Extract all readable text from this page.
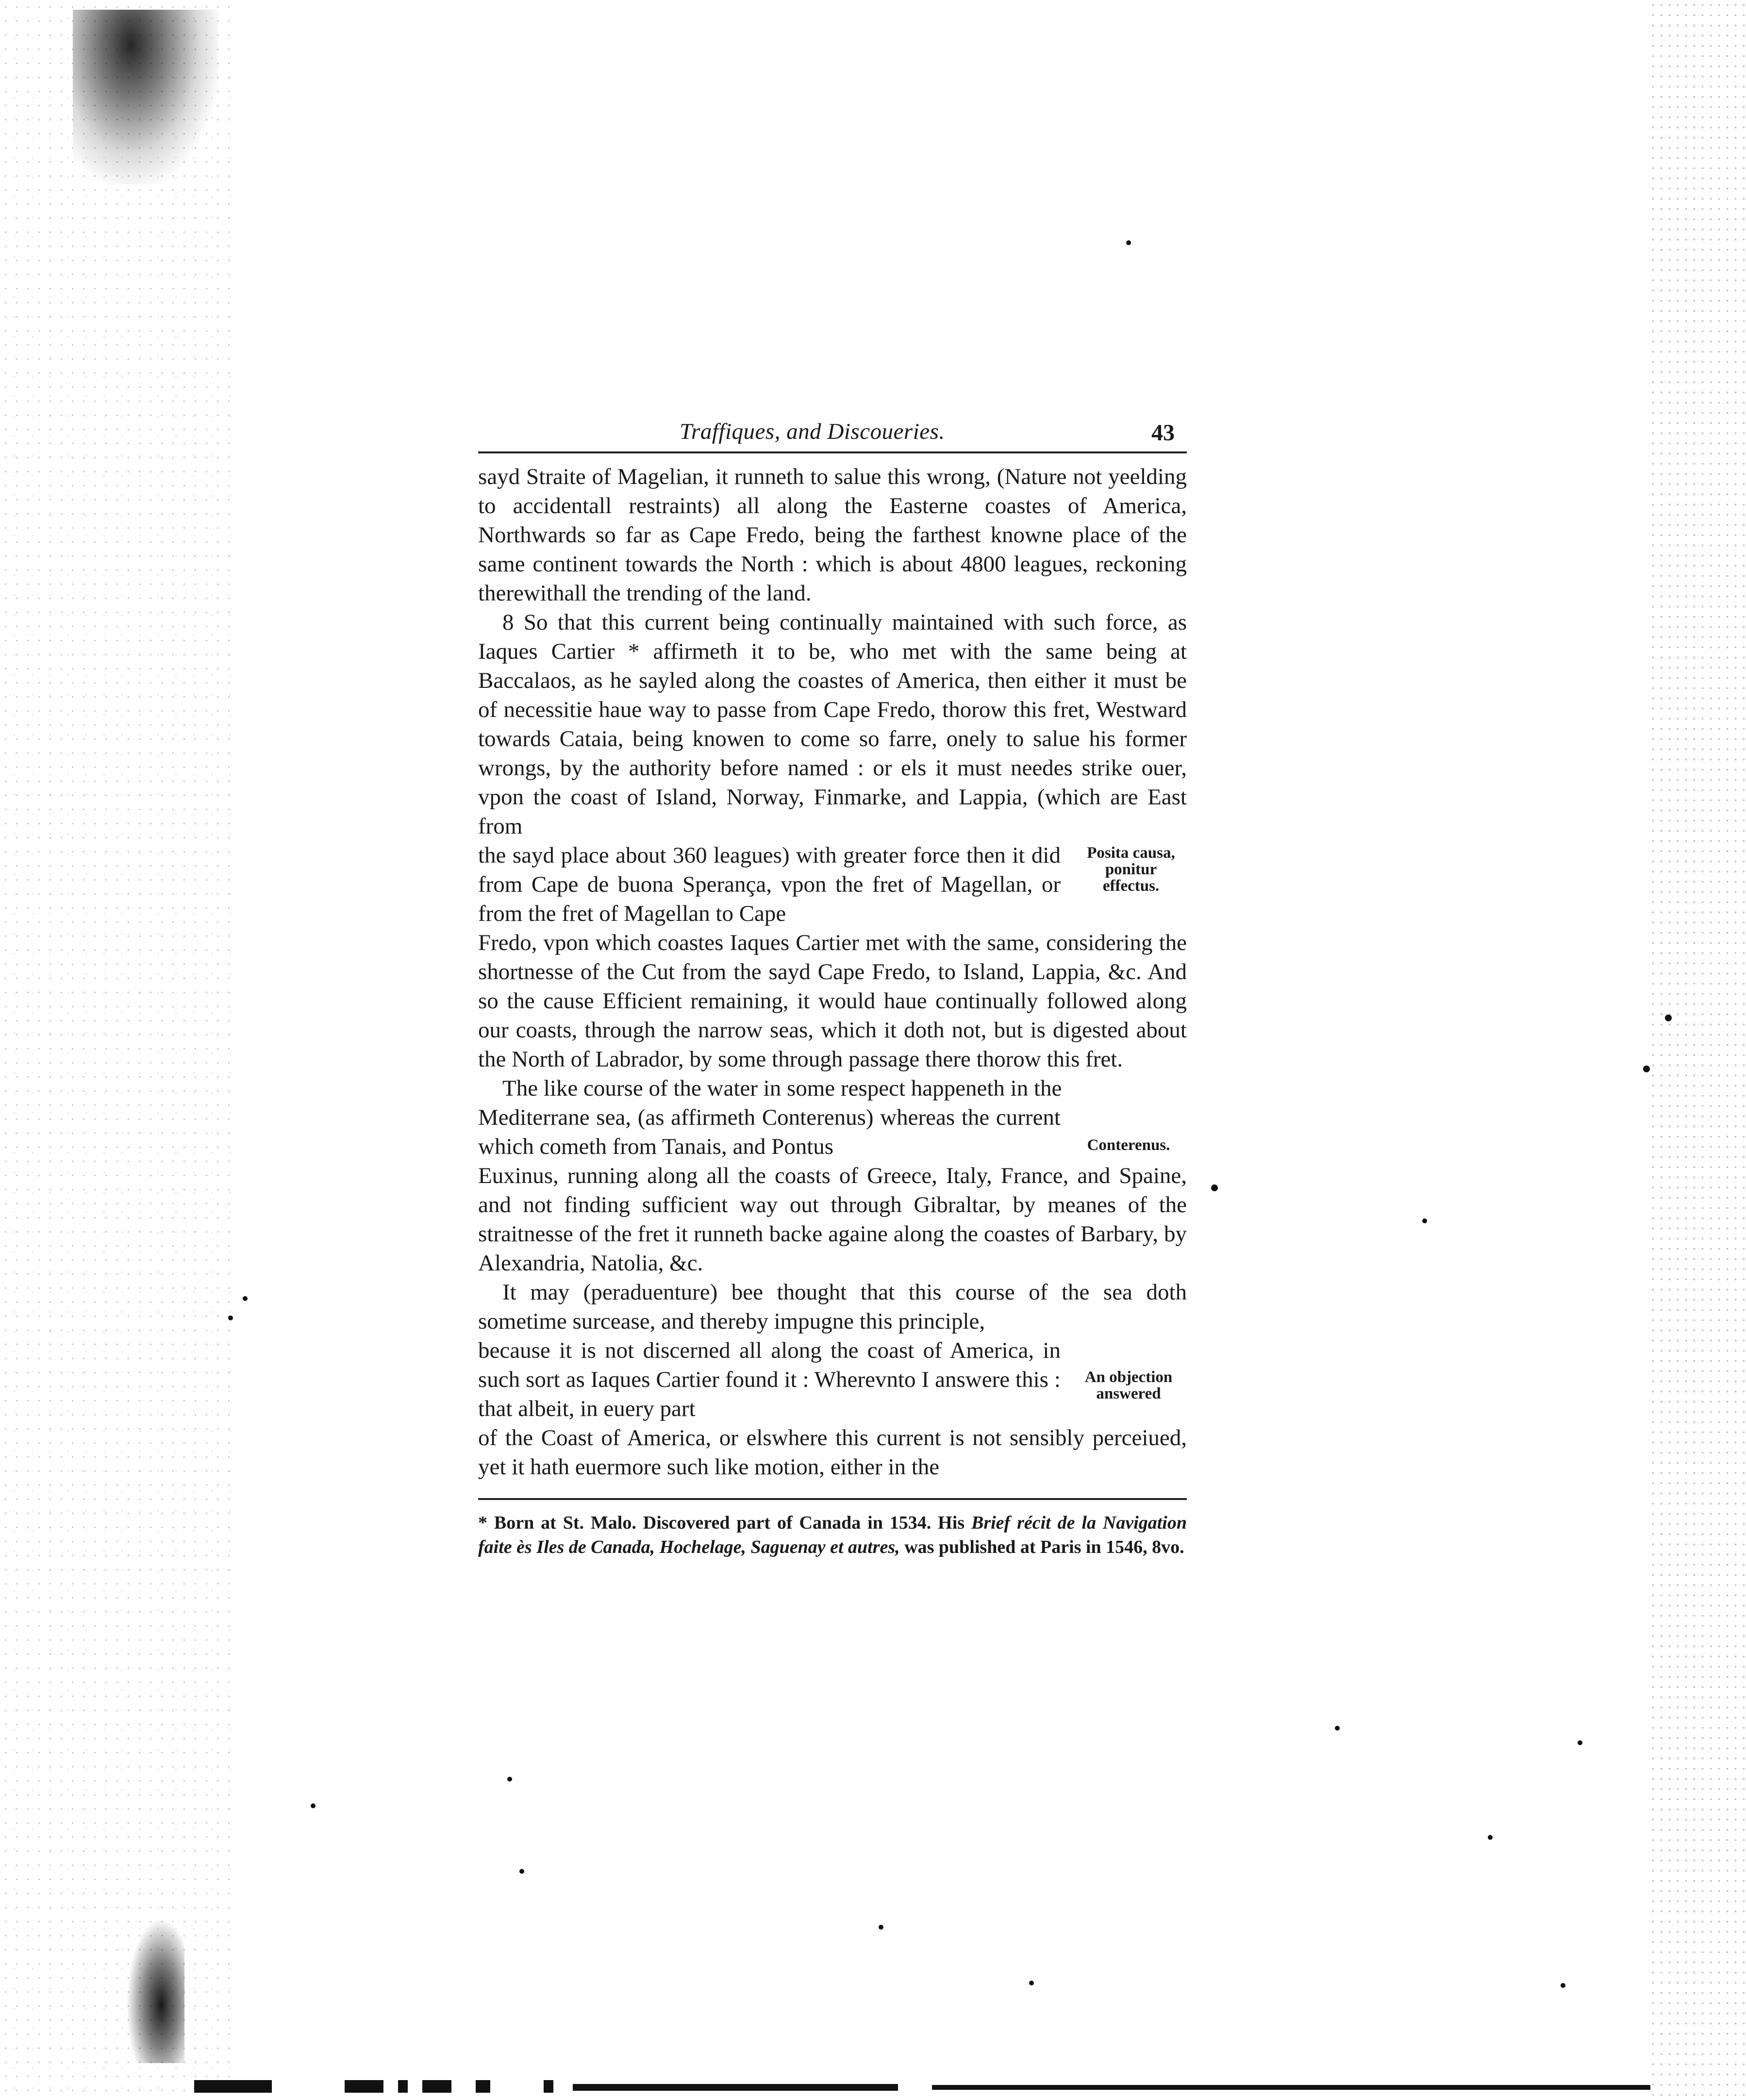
Traffiques, and Discoueries.	43

sayd Straite of Magelian, it runneth to salue this wrong, (Nature not yeelding to accidentall restraints) all along the Easterne coastes of America, Northwards so far as Cape Fredo, being the farthest knowne place of the same continent towards the North : which is about 4800 leagues, reckoning therewithall the trending of the land.

8 So that this current being continually maintained with such force, as Iaques Cartier * affirmeth it to be, who met with the same being at Baccalaos, as he sayled along the coastes of America, then either it must be of necessitie haue way to passe from Cape Fredo, thorow this fret, Westward towards Cataia, being knowen to come so farre, onely to salue his former wrongs, by the authority before named : or els it must needes strike ouer, vpon the coast of Island, Norway, Finmarke, and Lappia, (which are East from

the sayd place about 360 leagues) with greater force then it did from Cape de buona Sperança, vpon the fret of Magellan, or from the fret of Magellan to Cape

Posita causa,
ponitur
effectus.

Fredo, vpon which coastes Iaques Cartier met with the same, considering the shortnesse of the Cut from the sayd Cape Fredo, to Island, Lappia, &c. And so the cause Efficient remaining, it would haue continually followed along our coasts, through the narrow seas, which it doth not, but is digested about the North of Labrador, by some through passage there thorow this fret.

The like course of the water in some respect happeneth in the

Mediterrane sea, (as affirmeth Conterenus) whereas the current which cometh from Tanais, and Pontus	Conterenus.

Euxinus, running along all the coasts of Greece, Italy, France, and Spaine, and not finding sufficient way out through Gibraltar, by meanes of the straitnesse of the fret it runneth backe againe along the coastes of Barbary, by Alexandria, Natolia, &c.

It may (peraduenture) bee thought that this course of the sea doth sometime surcease, and thereby impugne this principle,

because it is not discerned all along the coast of America, in such sort as Iaques Cartier found it : Wherevnto I answere this : that albeit, in euery part

An objection
answered

of the Coast of America, or elswhere this current is not sensibly perceiued, yet it hath euermore such like motion, either in the

* Born at St. Malo. Discovered part of Canada in 1534. His Brief récit de la Navigation faite ès Iles de Canada, Hochelage, Saguenay et autres, was published at Paris in 1546, 8vo.
